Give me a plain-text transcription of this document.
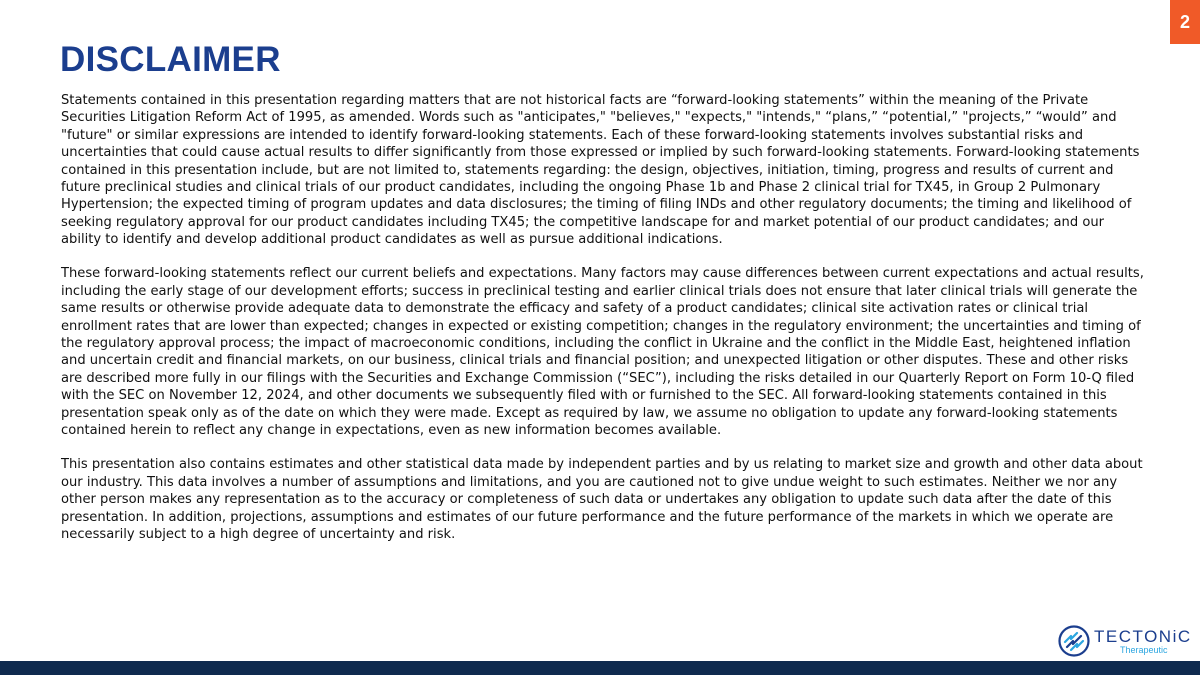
2
DISCLAIMER

Statements contained in this presentation regarding matters that are not historical facts are “forward-looking statements” within the meaning of the Private Securities Litigation Reform Act of 1995, as amended. Words such as "anticipates," "believes," "expects," "intends," “plans,” “potential,” "projects,” “would” and "future" or similar expressions are intended to identify forward-looking statements. Each of these forward-looking statements involves substantial risks and uncertainties that could cause actual results to differ significantly from those expressed or implied by such forward-looking statements. Forward-looking statements contained in this presentation include, but are not limited to, statements regarding: the design, objectives, initiation, timing, progress and results of current and future preclinical studies and clinical trials of our product candidates, including the ongoing Phase 1b and Phase 2 clinical trial for TX45, in Group 2 Pulmonary Hypertension; the expected timing of program updates and data disclosures; the timing of filing INDs and other regulatory documents; the timing and likelihood of seeking regulatory approval for our product candidates including TX45; the competitive landscape for and market potential of our product candidates; and our ability to identify and develop additional product candidates as well as pursue additional indications.

These forward-looking statements reflect our current beliefs and expectations. Many factors may cause differences between current expectations and actual results, including the early stage of our development efforts; success in preclinical testing and earlier clinical trials does not ensure that later clinical trials will generate the same results or otherwise provide adequate data to demonstrate the efficacy and safety of a product candidates; clinical site activation rates or clinical trial enrollment rates that are lower than expected; changes in expected or existing competition; changes in the regulatory environment; the uncertainties and timing of the regulatory approval process; the impact of macroeconomic conditions, including the conflict in Ukraine and the conflict in the Middle East, heightened inflation and uncertain credit and financial markets, on our business, clinical trials and financial position; and unexpected litigation or other disputes. These and other risks are described more fully in our filings with the Securities and Exchange Commission (“SEC”), including the risks detailed in our Quarterly Report on Form 10-Q filed with the SEC on November 12, 2024, and other documents we subsequently filed with or furnished to the SEC. All forward-looking statements contained in this presentation speak only as of the date on which they were made. Except as required by law, we assume no obligation to update any forward-looking statements contained herein to reflect any change in expectations, even as new information becomes available.

This presentation also contains estimates and other statistical data made by independent parties and by us relating to market size and growth and other data about our industry. This data involves a number of assumptions and limitations, and you are cautioned not to give undue weight to such estimates. Neither we nor any other person makes any representation as to the accuracy or completeness of such data or undertakes any obligation to update such data after the date of this presentation. In addition, projections, assumptions and estimates of our future performance and the future performance of the markets in which we operate are necessarily subject to a high degree of uncertainty and risk.

TECTONiC
Therapeutic
